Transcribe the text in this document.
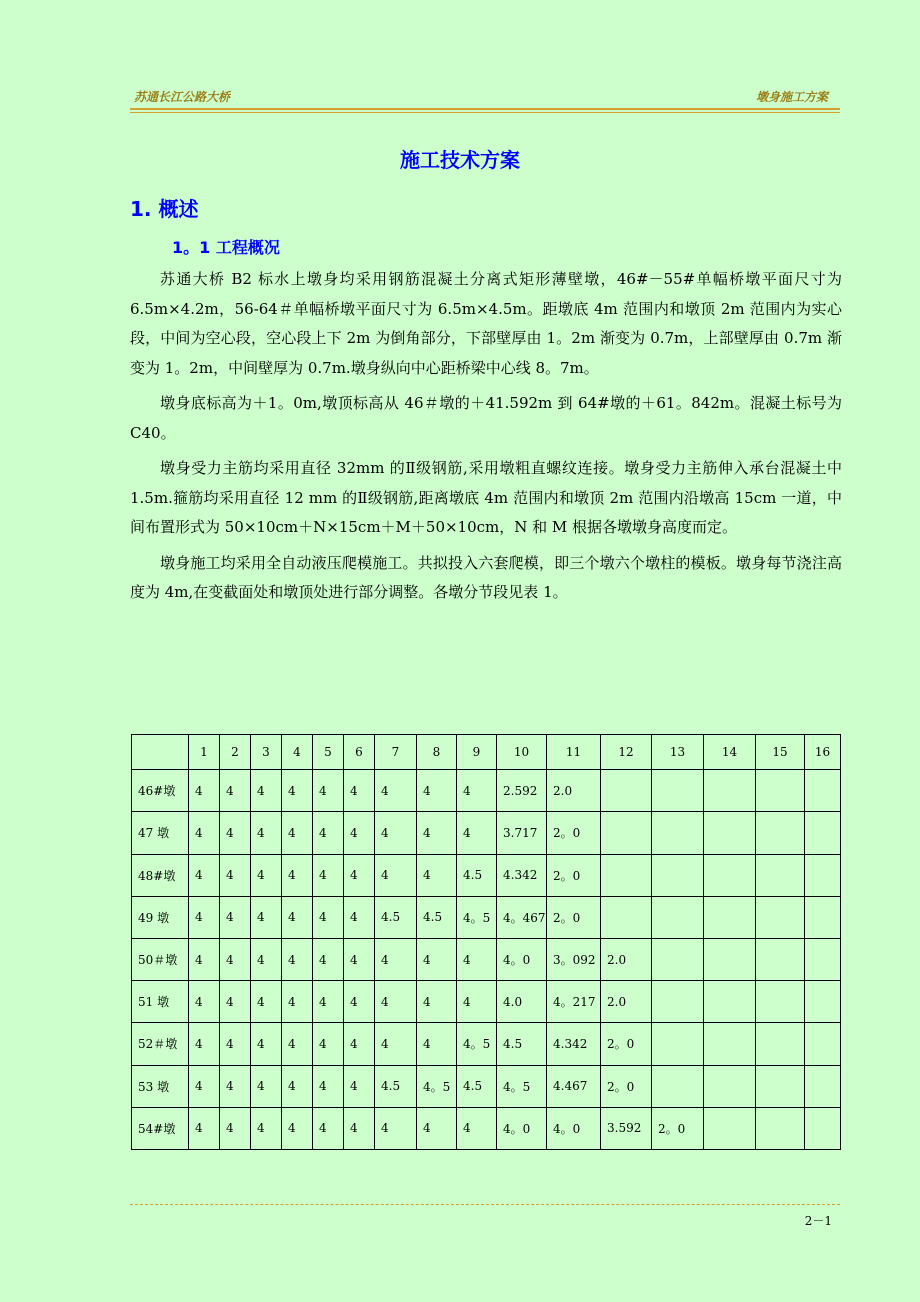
苏通长江公路大桥	墩身施工方案
施工技术方案
1. 概述
1。1 工程概况

苏通大桥 B2 标水上墩身均采用钢筋混凝土分离式矩形薄壁墩，46#－55#单幅桥墩平面尺寸为 6.5m×4.2m，56-64＃单幅桥墩平面尺寸为 6.5m×4.5m。距墩底 4m 范围内和墩顶 2m 范围内为实心段，中间为空心段，空心段上下 2m 为倒角部分，下部壁厚由 1。2m 渐变为 0.7m，上部壁厚由 0.7m 渐变为 1。2m，中间壁厚为 0.7m.墩身纵向中心距桥梁中心线 8。7m。

墩身底标高为＋1。0m,墩顶标高从 46＃墩的＋41.592m 到 64#墩的＋61。842m。混凝土标号为 C40。

墩身受力主筋均采用直径 32mm 的Ⅱ级钢筋,采用墩粗直螺纹连接。墩身受力主筋伸入承台混凝土中 1.5m.箍筋均采用直径 12 mm 的Ⅱ级钢筋,距离墩底 4m 范围内和墩顶 2m 范围内沿墩高 15cm 一道，中间布置形式为 50×10cm＋N×15cm＋M＋50×10cm，N 和 M 根据各墩墩身高度而定。

墩身施工均采用全自动液压爬模施工。共拟投入六套爬模，即三个墩六个墩柱的模板。墩身每节浇注高度为 4m,在变截面处和墩顶处进行部分调整。各墩分节段见表 1。

	1	2	3	4	5	6	7	8	9	10	11	12	13	14	15	16
46#墩	4	4	4	4	4	4	4	4	4	2.592	2.0					
47 墩	4	4	4	4	4	4	4	4	4	3.717	2。0					
48#墩	4	4	4	4	4	4	4	4	4.5	4.342	2。0					
49 墩	4	4	4	4	4	4	4.5	4.5	4。5	4。467	2。0					
50＃墩	4	4	4	4	4	4	4	4	4	4。0	3。092	2.0				
51 墩	4	4	4	4	4	4	4	4	4	4.0	4。217	2.0				
52＃墩	4	4	4	4	4	4	4	4	4。5	4.5	4.342	2。0				
53 墩	4	4	4	4	4	4	4.5	4。5	4.5	4。5	4.467	2。0				
54#墩	4	4	4	4	4	4	4	4	4	4。0	4。0	3.592	2。0			
2－1
